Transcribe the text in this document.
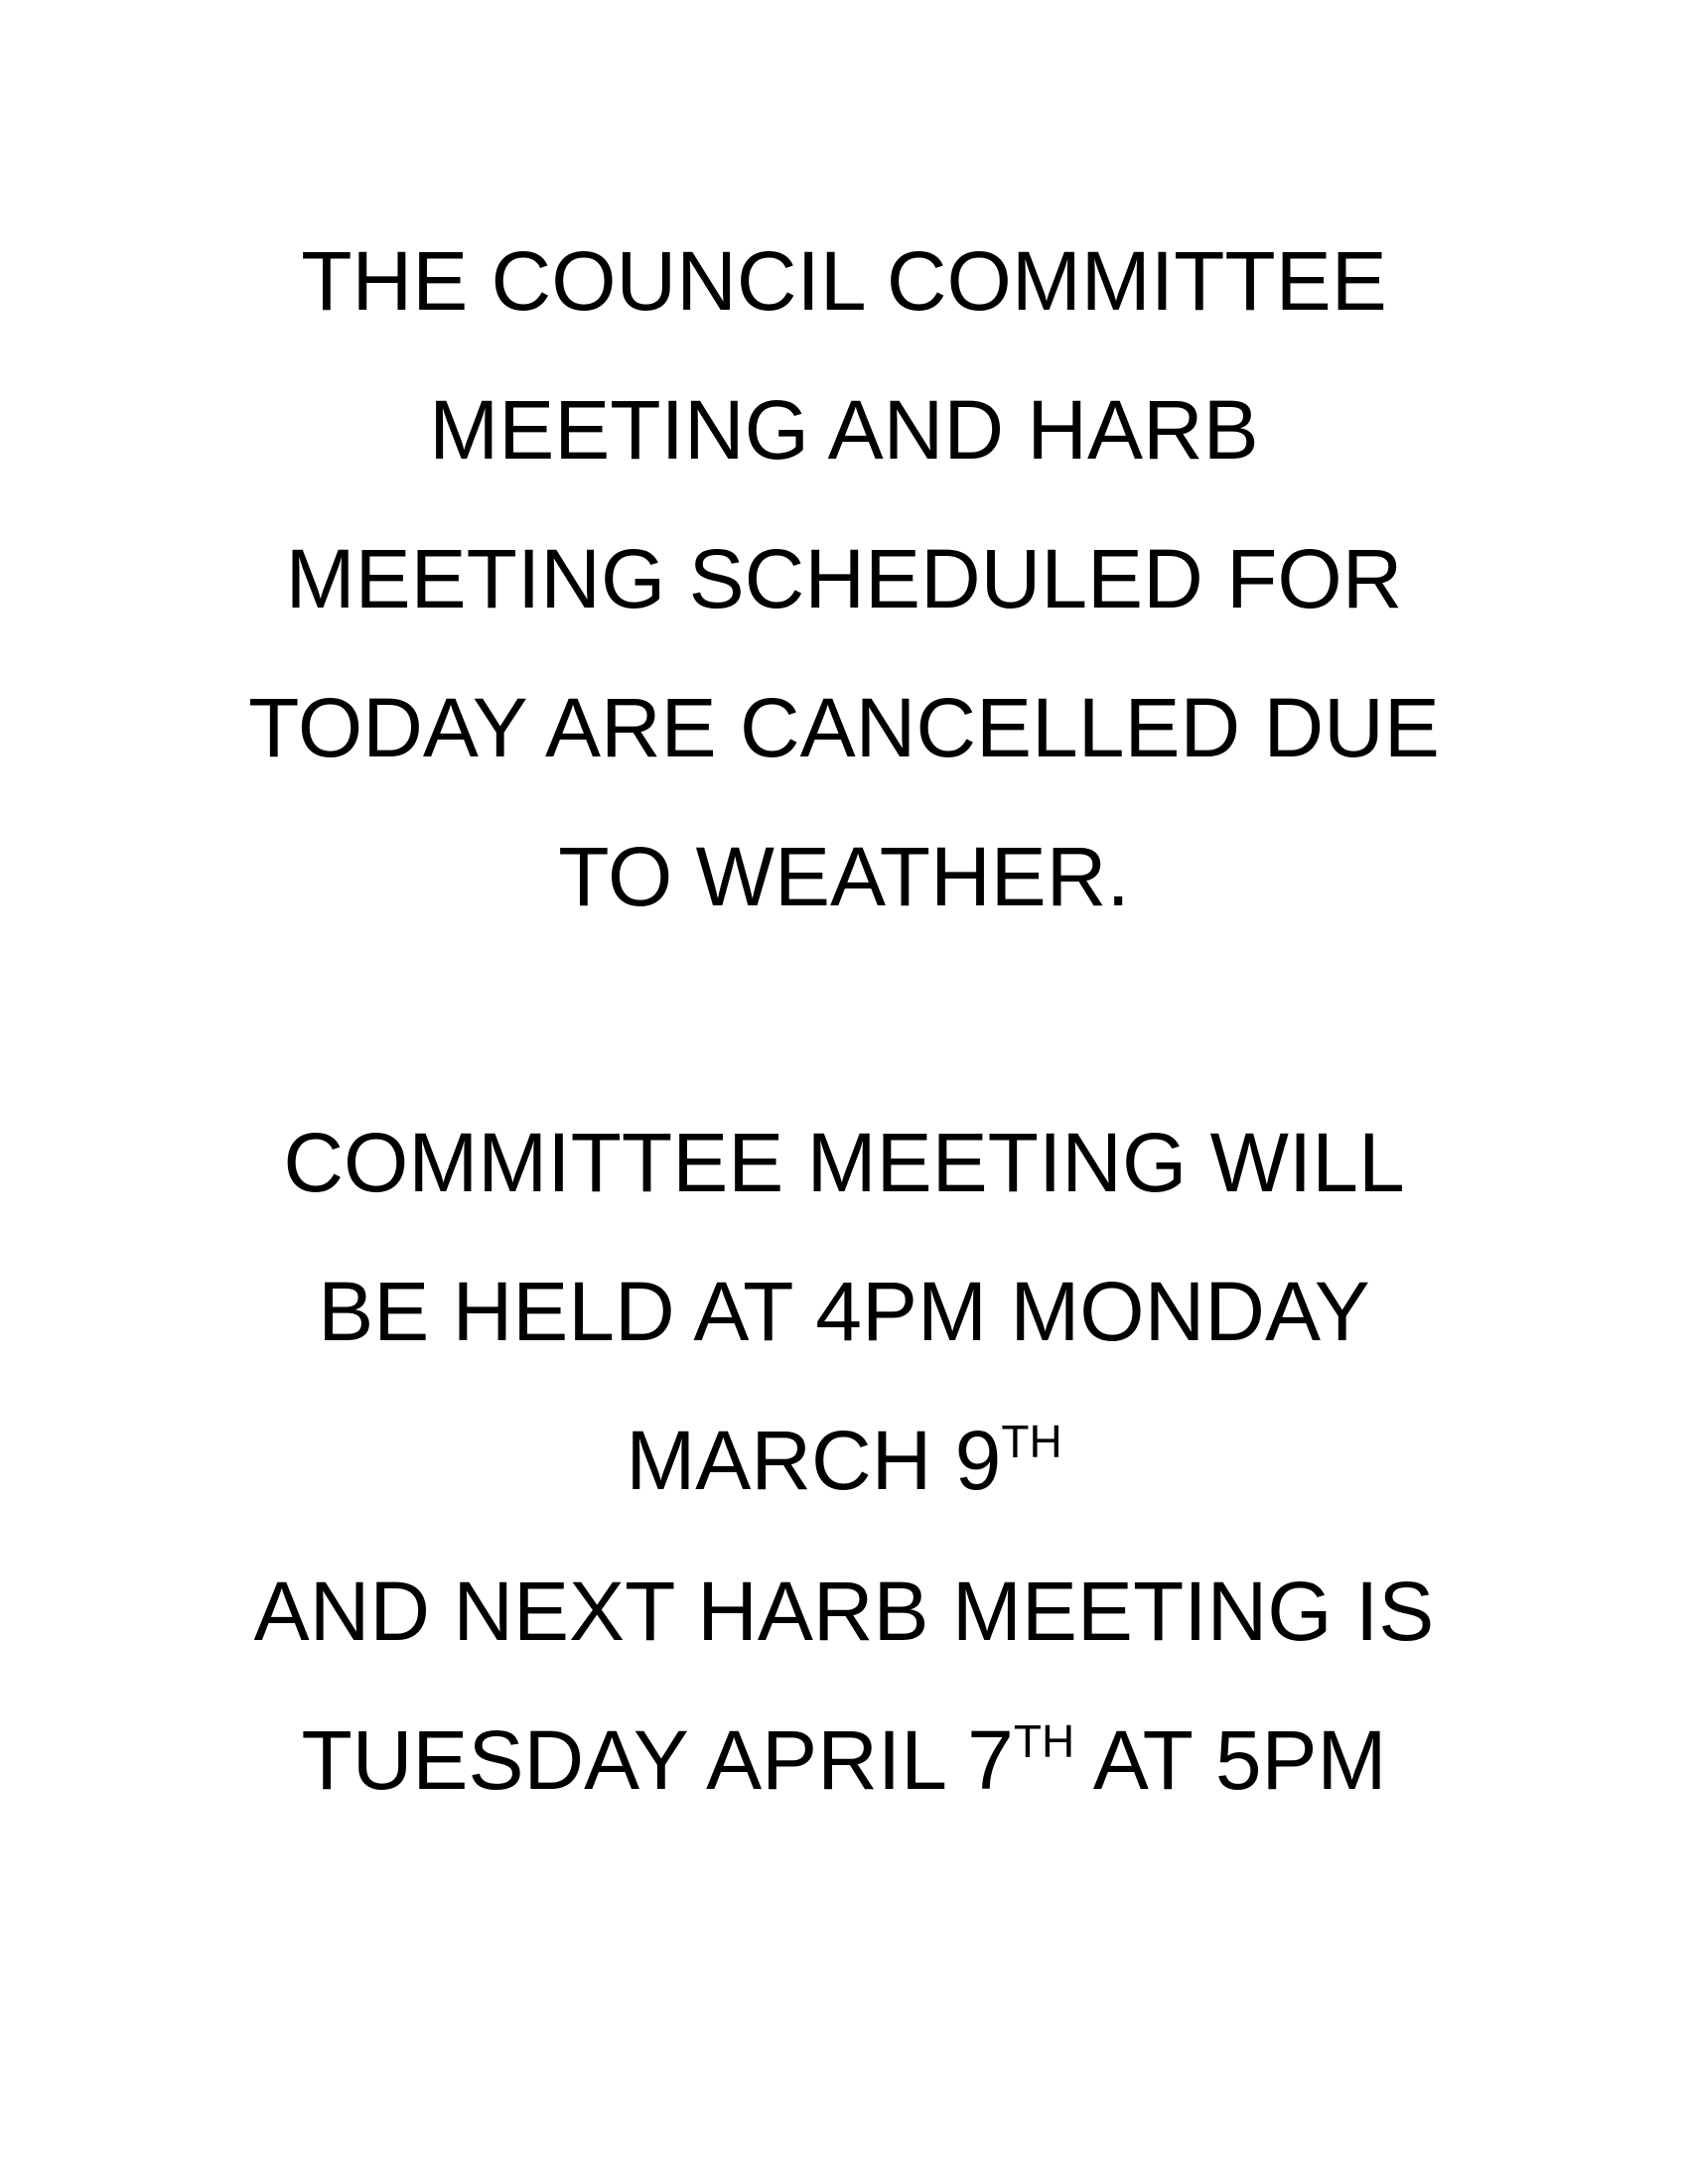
THE COUNCIL COMMITTEE
MEETING AND HARB
MEETING SCHEDULED FOR
TODAY ARE CANCELLED DUE
TO WEATHER.
COMMITTEE MEETING WILL
BE HELD AT 4PM MONDAY
MARCH 9TH
AND NEXT HARB MEETING IS
TUESDAY APRIL 7TH AT 5PM
